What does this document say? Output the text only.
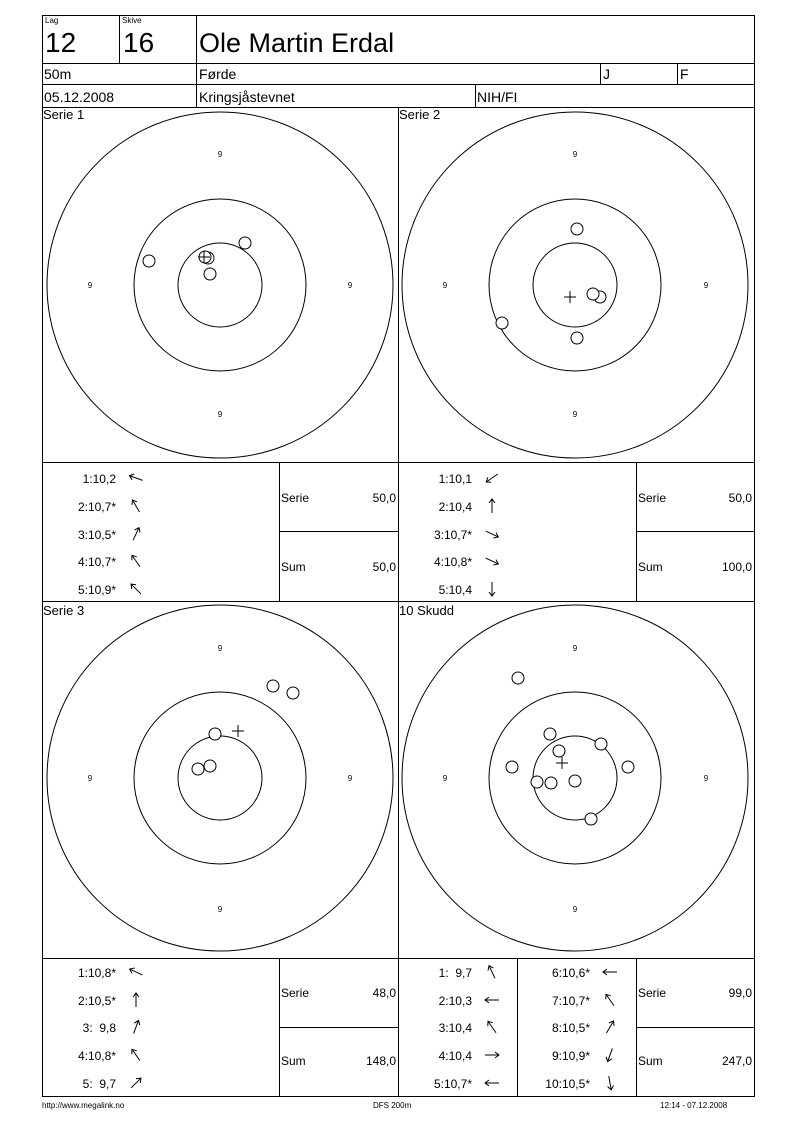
Lag
12
Skive
16 Ole Martin Erdal
50m	Førde	J	F
05.12.2008	Kringsjåstevnet	NIH/FI
Serie 1	Serie 2
Serie 3	10 Skudd
9
9
9	9
9
9
9	9
9
9
9	9
9
9
9	9
1:10,2
2:10,7*
3:10,5*
4:10,7*
5:10,9*
1:10,1
2:10,4
3:10,7*
4:10,8*
5:10,4
1:10,8*
2:10,5*
3:  9,8
4:10,8*
5:  9,7
1:  9,7
2:10,3
3:10,4
4:10,4
5:10,7*
6:10,6*
7:10,7*
8:10,5*
9:10,9*
10:10,5*
Serie	50,0
Sum	50,0
Serie	50,0
Sum	100,0
Serie	48,0
Sum	148,0
Serie	99,0
Sum	247,0
http://www.megalink.no	DFS 200m	12:14 - 07.12.2008
